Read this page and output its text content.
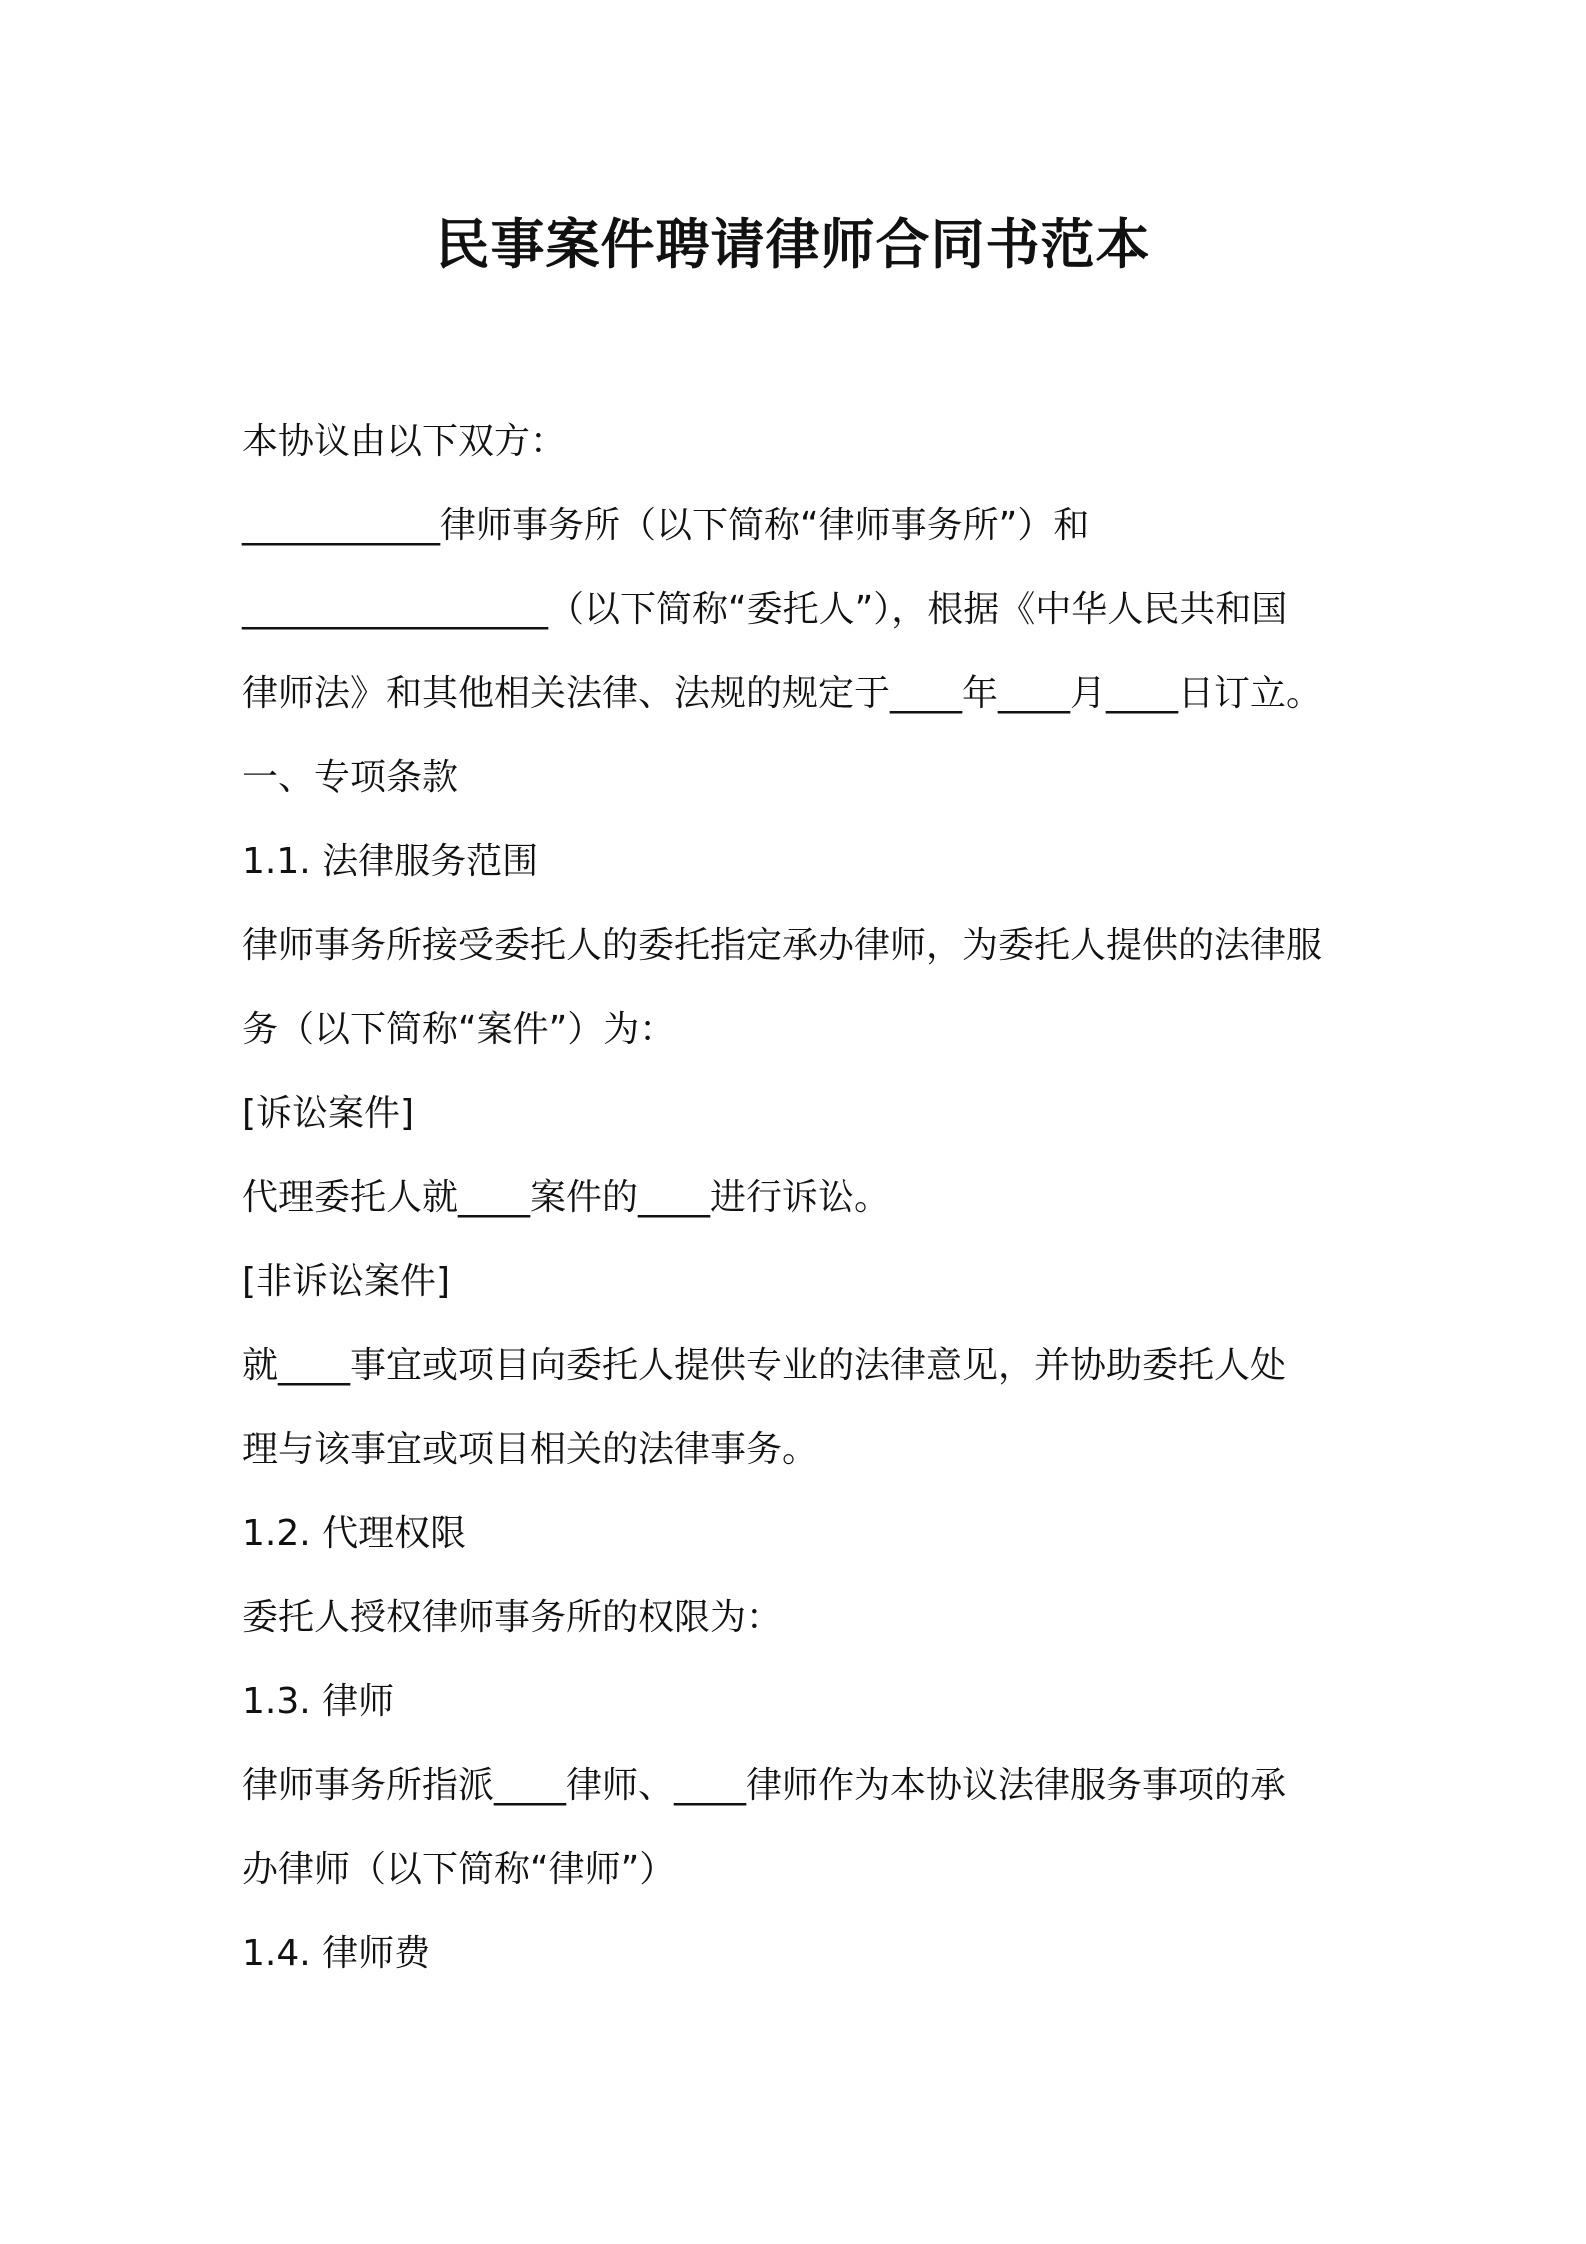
民事案件聘请律师合同书范本

本协议由以下双方：

___________律师事务所（以下简称“律师事务所”）和

_________________（以下简称“委托人”），根据《中华人民共和国

律师法》和其他相关法律、法规的规定于____年____月____日订立。

一、专项条款

1.1. 法律服务范围

律师事务所接受委托人的委托指定承办律师，为委托人提供的法律服

务（以下简称“案件”）为：

[诉讼案件]

代理委托人就____案件的____进行诉讼。

[非诉讼案件]

就____事宜或项目向委托人提供专业的法律意见，并协助委托人处

理与该事宜或项目相关的法律事务。

1.2. 代理权限

委托人授权律师事务所的权限为：

1.3. 律师

律师事务所指派____律师、____律师作为本协议法律服务事项的承

办律师（以下简称“律师”）

1.4. 律师费
